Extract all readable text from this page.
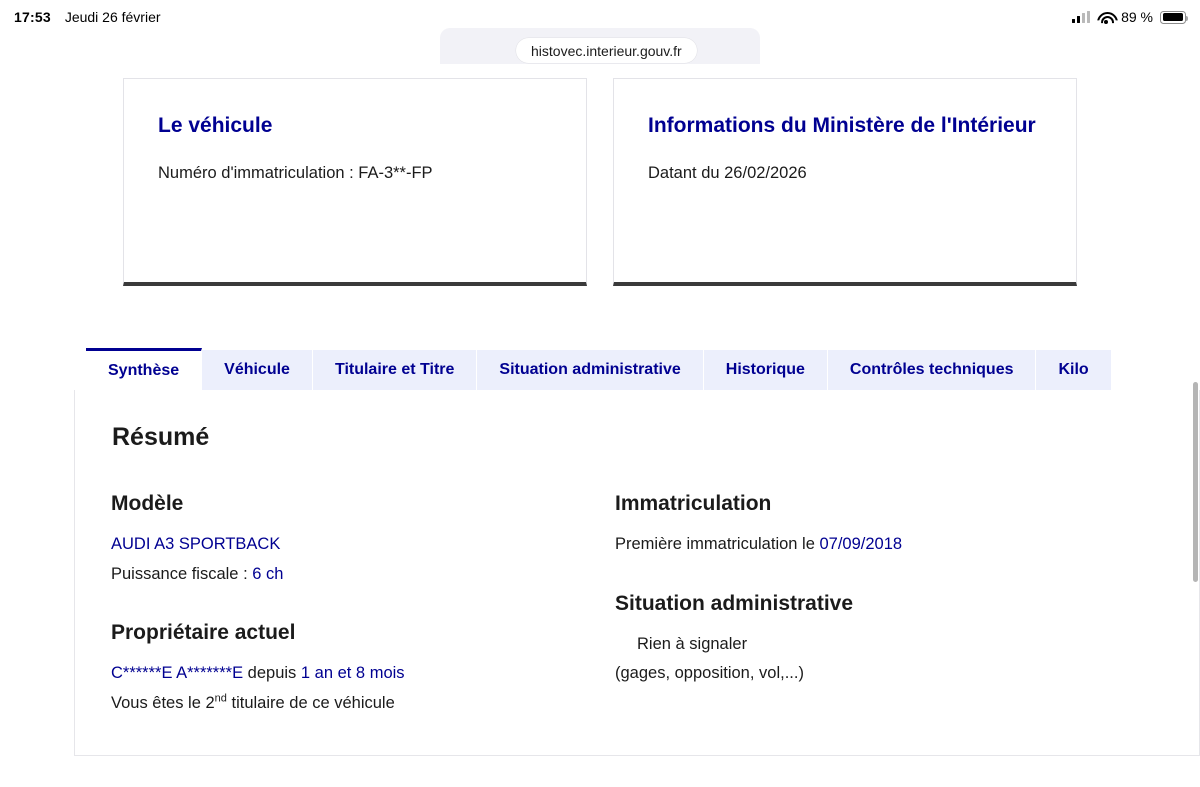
17:53 Jeudi 26 février	89 %
histovec.interieur.gouv.fr
Le véhicule

Numéro d'immatriculation : FA-3**-FP

Informations du Ministère de l'Intérieur

Datant du 26/02/2026

Synthèse	Véhicule	Titulaire et Titre	Situation administrative	Historique	Contrôles techniques	Kilo
Résumé
Modèle

AUDI A3 SPORTBACK

Puissance fiscale : 6 ch

Propriétaire actuel

C******E A*******E depuis 1 an et 8 mois

Vous êtes le 2nd titulaire de ce véhicule

Immatriculation

Première immatriculation le 07/09/2018

Situation administrative

Rien à signaler

(gages, opposition, vol,...)
